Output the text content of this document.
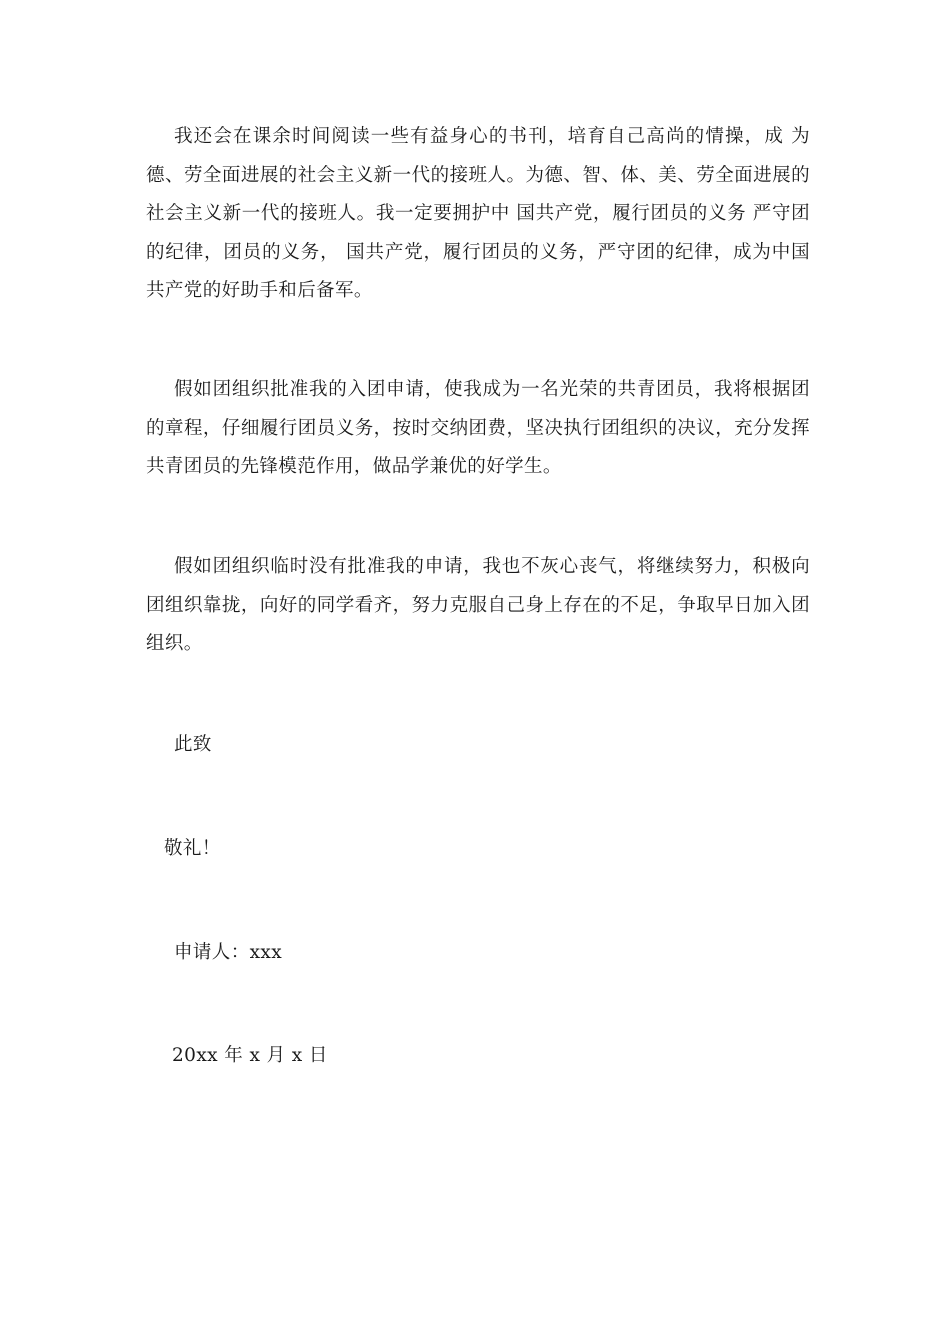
我还会在课余时间阅读一些有益身心的书刊，培育自己高尚的情操，成 为德、劳全面进展的社会主义新一代的接班人。为德、智、体、美、劳全面进展的社会主义新一代的接班人。我一定要拥护中 国共产党，履行团员的义务 严守团的纪律，团员的义务， 国共产党，履行团员的义务，严守团的纪律，成为中国共产党的好助手和后备军。

假如团组织批准我的入团申请，使我成为一名光荣的共青团员，我将根据团的章程，仔细履行团员义务，按时交纳团费，坚决执行团组织的决议，充分发挥共青团员的先锋模范作用，做品学兼优的好学生。

假如团组织临时没有批准我的申请，我也不灰心丧气，将继续努力，积极向团组织靠拢，向好的同学看齐，努力克服自己身上存在的不足，争取早日加入团组织。

此致

敬礼！

申请人：xxx

20xx 年 x 月 x 日
